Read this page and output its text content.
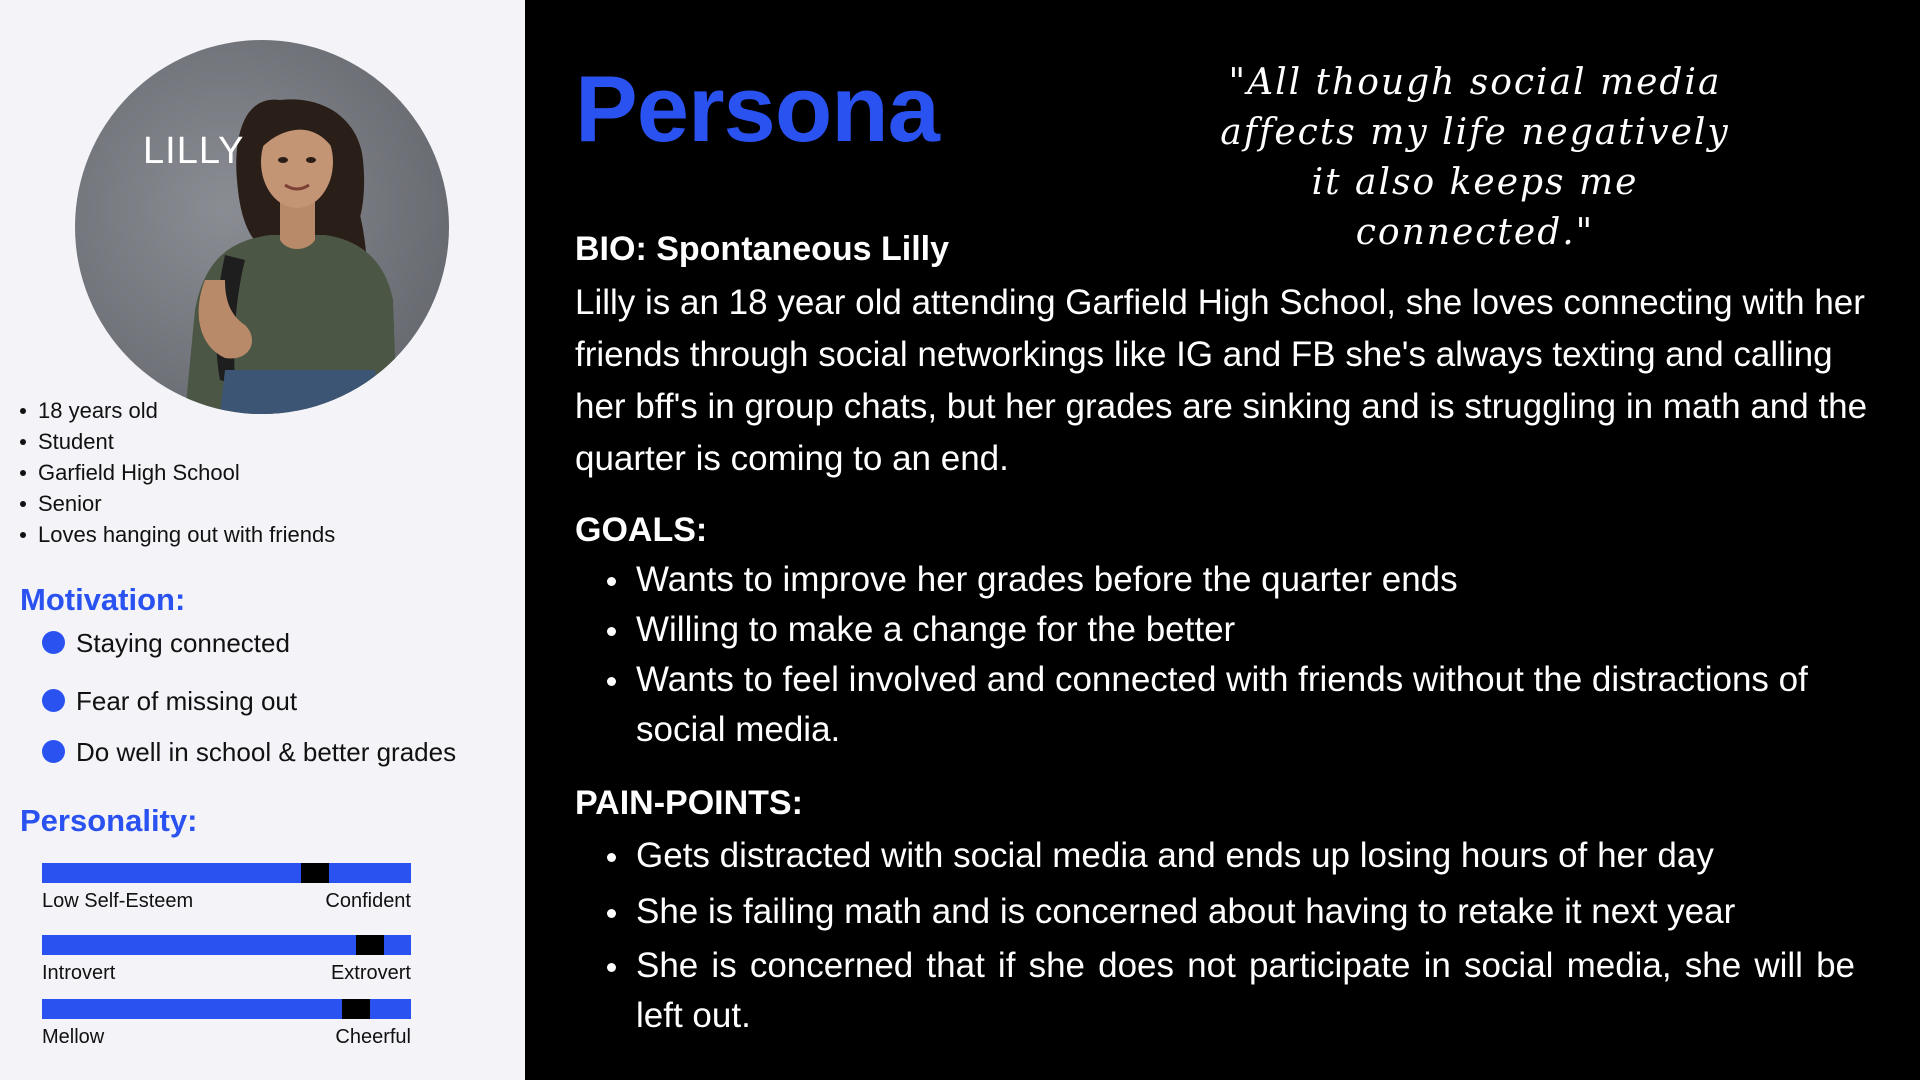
LILLY
18 years old
Student
Garfield High School
Senior
Loves hanging out with friends
Motivation:
Staying connected
Fear of missing out
Do well in school & better grades
Personality:
Low Self-Esteem	Confident
Introvert	Extrovert
Mellow	Cheerful
Persona	"All though social media affects my life negatively it also keeps me connected."
BIO: Spontaneous Lilly
Lilly is an 18 year old attending Garfield High School, she loves connecting with her friends through social networkings like IG and FB she's always texting and calling her bff's in group chats, but her grades are sinking and is struggling in math and the quarter is coming to an end.
GOALS:
Wants to improve her grades before the quarter ends
Willing to make a change for the better
Wants to feel involved and connected with friends without the distractions of social media.
PAIN-POINTS:
Gets distracted with social media and ends up losing hours of her day
She is failing math and is concerned about having to retake it next year
She is concerned that if she does not participate in social media, she will be left out.
